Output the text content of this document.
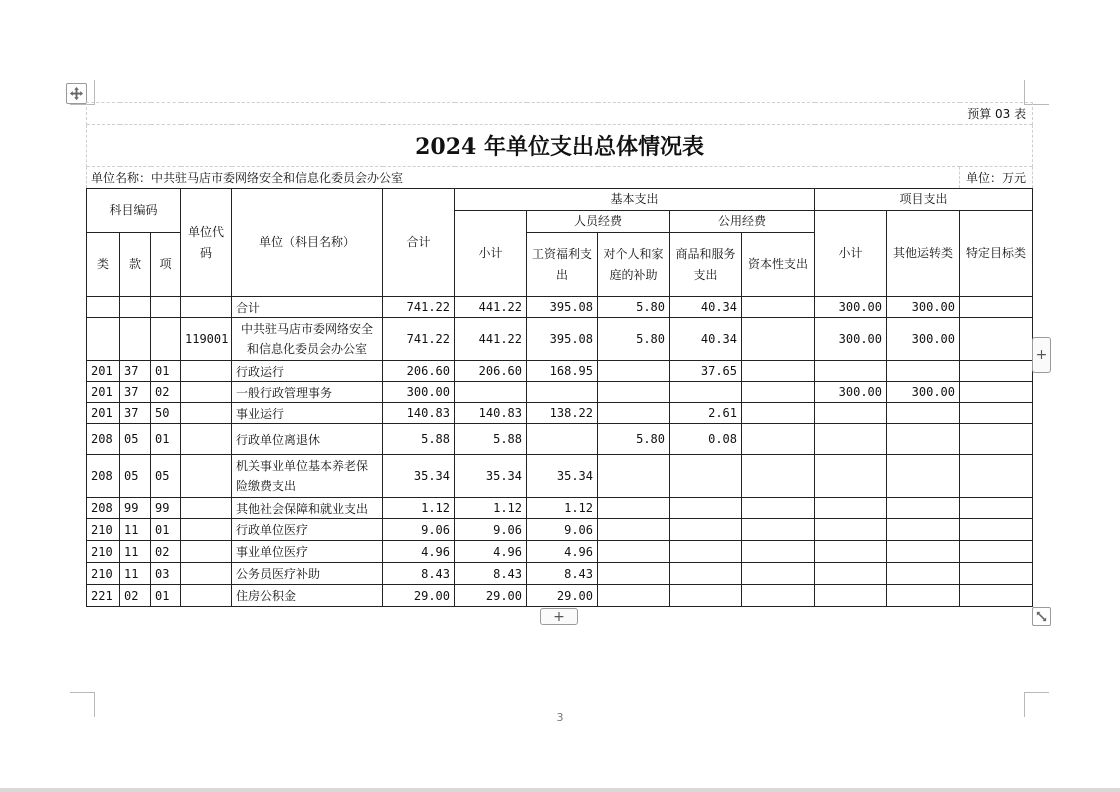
预算 03 表													
2024 年单位支出总体情况表													
单位名称：中共驻马店市委网络安全和信息化委员会办公室													单位：万元
科目编码			单位代码	单位（科目名称）	合计	基本支出					项目支出		
						小计	人员经费		公用经费		小计	其他运转类	特定目标类
类	款	项					工资福利支出	对个人和家庭的补助	商品和服务支出	资本性支出			
				合计	741.22	441.22	395.08	5.80	40.34		300.00	300.00	
			119001	中共驻马店市委网络安全和信息化委员会办公室	741.22	441.22	395.08	5.80	40.34		300.00	300.00	
201	37	01		行政运行	206.60	206.60	168.95		37.65				
201	37	02		一般行政管理事务	300.00						300.00	300.00	
201	37	50		事业运行	140.83	140.83	138.22		2.61				
208	05	01		行政单位离退休	5.88	5.88		5.80	0.08				
208	05	05		机关事业单位基本养老保险缴费支出	35.34	35.34	35.34						
208	99	99		其他社会保障和就业支出	1.12	1.12	1.12						
210	11	01		行政单位医疗	9.06	9.06	9.06						
210	11	02		事业单位医疗	4.96	4.96	4.96						
210	11	03		公务员医疗补助	8.43	8.43	8.43						
221	02	01		住房公积金	29.00	29.00	29.00						
+
+
3
